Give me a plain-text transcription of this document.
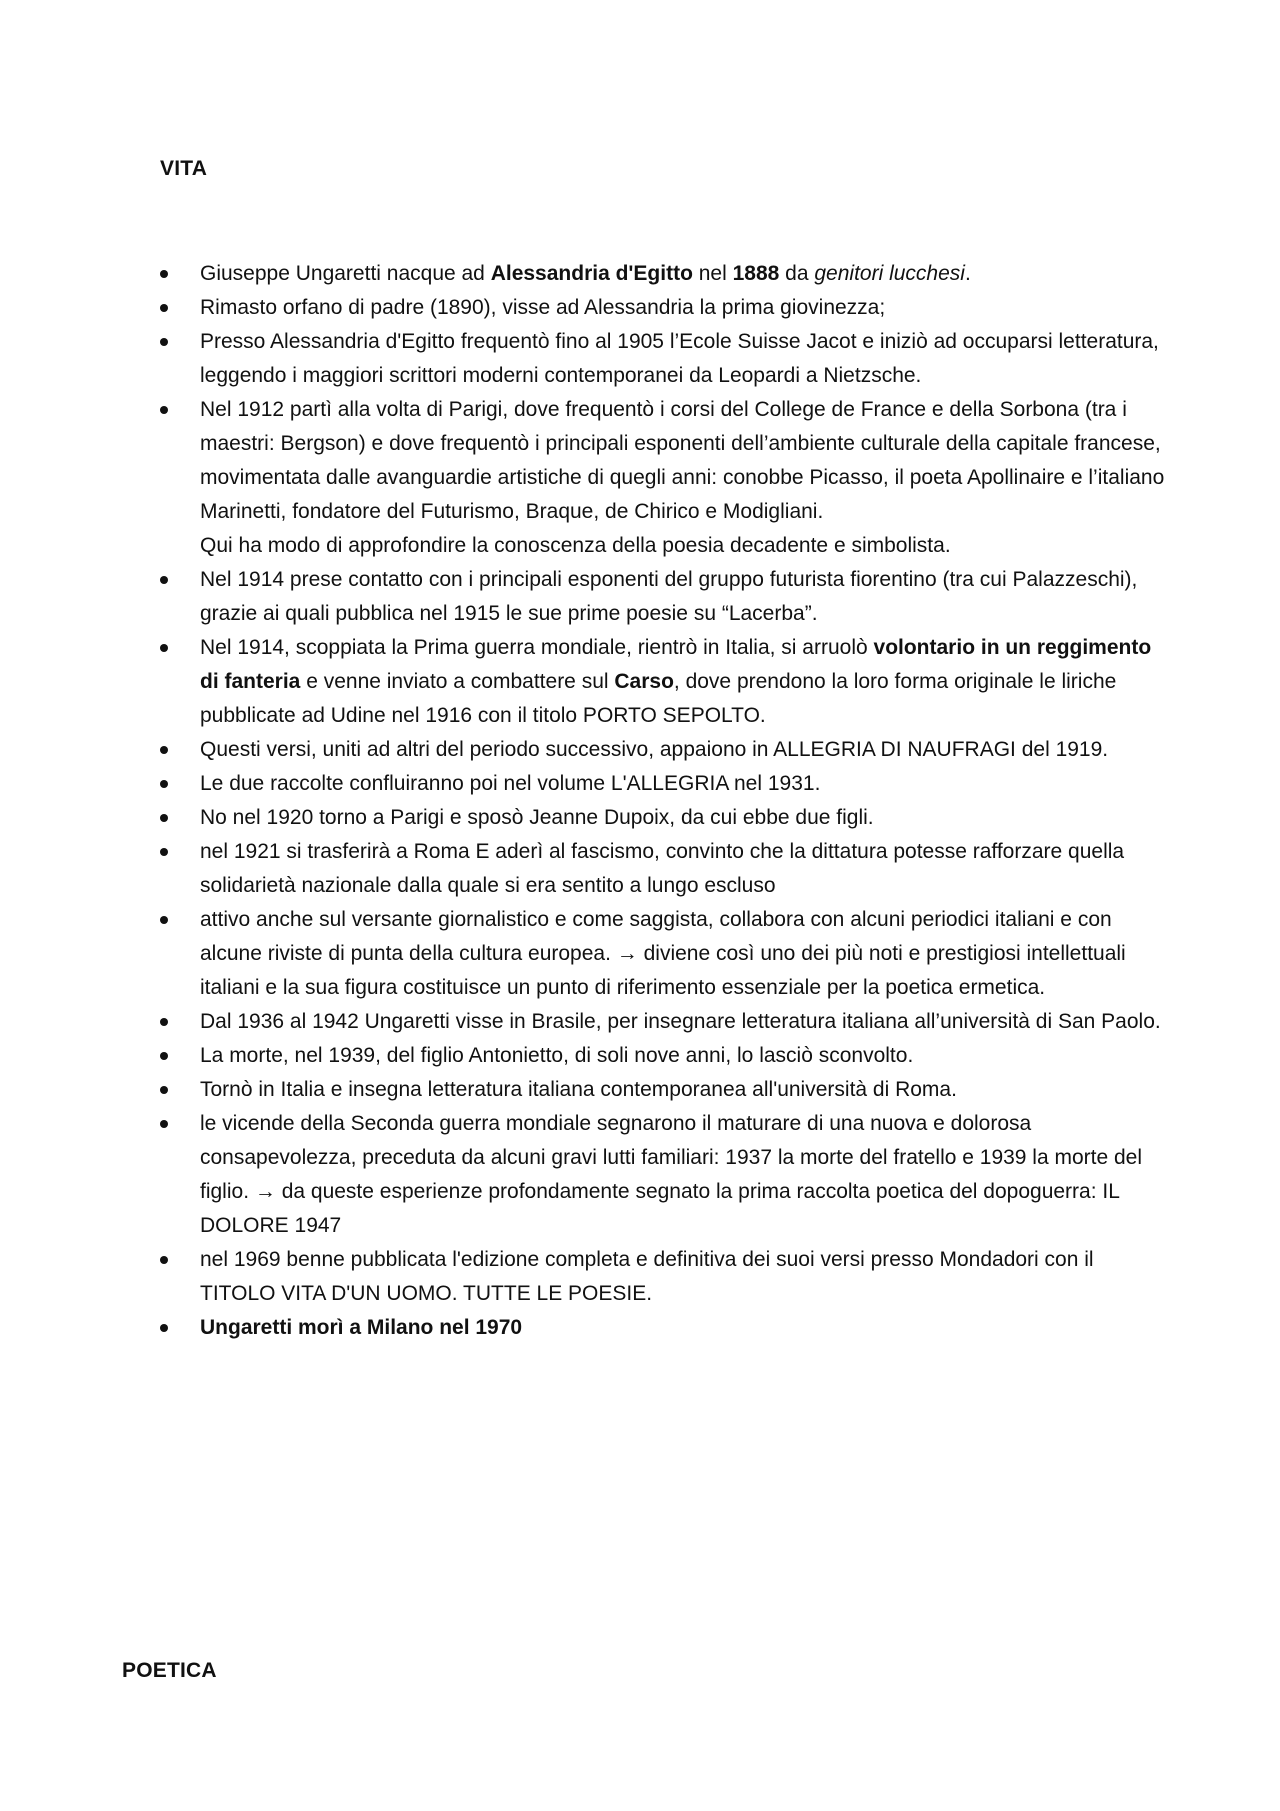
VITA
Giuseppe Ungaretti nacque ad Alessandria d'Egitto nel 1888 da genitori lucchesi.
Rimasto orfano di padre (1890), visse ad Alessandria la prima giovinezza;
Presso Alessandria d'Egitto frequentò fino al 1905 l’Ecole Suisse Jacot e iniziò ad occuparsi letteratura, leggendo i maggiori scrittori moderni contemporanei da Leopardi a Nietzsche.
Nel 1912 partì alla volta di Parigi, dove frequentò i corsi del College de France e della Sorbona (tra i maestri: Bergson) e dove frequentò i principali esponenti dell’ambiente culturale della capitale francese, movimentata dalle avanguardie artistiche di quegli anni: conobbe Picasso, il poeta Apollinaire e l’italiano Marinetti, fondatore del Futurismo, Braque, de Chirico e Modigliani.
Qui ha modo di approfondire la conoscenza della poesia decadente e simbolista.
Nel 1914 prese contatto con i principali esponenti del gruppo futurista fiorentino (tra cui Palazzeschi), grazie ai quali pubblica nel 1915 le sue prime poesie su “Lacerba”.
Nel 1914, scoppiata la Prima guerra mondiale, rientrò in Italia, si arruolò volontario in un reggimento di fanteria e venne inviato a combattere sul Carso, dove prendono la loro forma originale le liriche pubblicate ad Udine nel 1916 con il titolo PORTO SEPOLTO.
Questi versi, uniti ad altri del periodo successivo, appaiono in ALLEGRIA DI NAUFRAGI del 1919.
Le due raccolte confluiranno poi nel volume L'ALLEGRIA nel 1931.
No nel 1920 torno a Parigi e sposò Jeanne Dupoix, da cui ebbe due figli.
nel 1921 si trasferirà a Roma E aderì al fascismo, convinto che la dittatura potesse rafforzare quella solidarietà nazionale dalla quale si era sentito a lungo escluso
attivo anche sul versante giornalistico e come saggista, collabora con alcuni periodici italiani e con alcune riviste di punta della cultura europea. → diviene così uno dei più noti e prestigiosi intellettuali italiani e la sua figura costituisce un punto di riferimento essenziale per la poetica ermetica.
Dal 1936 al 1942 Ungaretti visse in Brasile, per insegnare letteratura italiana all’università di San Paolo.
La morte, nel 1939, del figlio Antonietto, di soli nove anni, lo lasciò sconvolto.
Tornò in Italia e insegna letteratura italiana contemporanea all'università di Roma.
le vicende della Seconda guerra mondiale segnarono il maturare di una nuova e dolorosa consapevolezza, preceduta da alcuni gravi lutti familiari: 1937 la morte del fratello e 1939 la morte del figlio. → da queste esperienze profondamente segnato la prima raccolta poetica del dopoguerra: IL DOLORE 1947
nel 1969 benne pubblicata l'edizione completa e definitiva dei suoi versi presso Mondadori con il TITOLO VITA D'UN UOMO. TUTTE LE POESIE.
Ungaretti morì a Milano nel 1970
POETICA
